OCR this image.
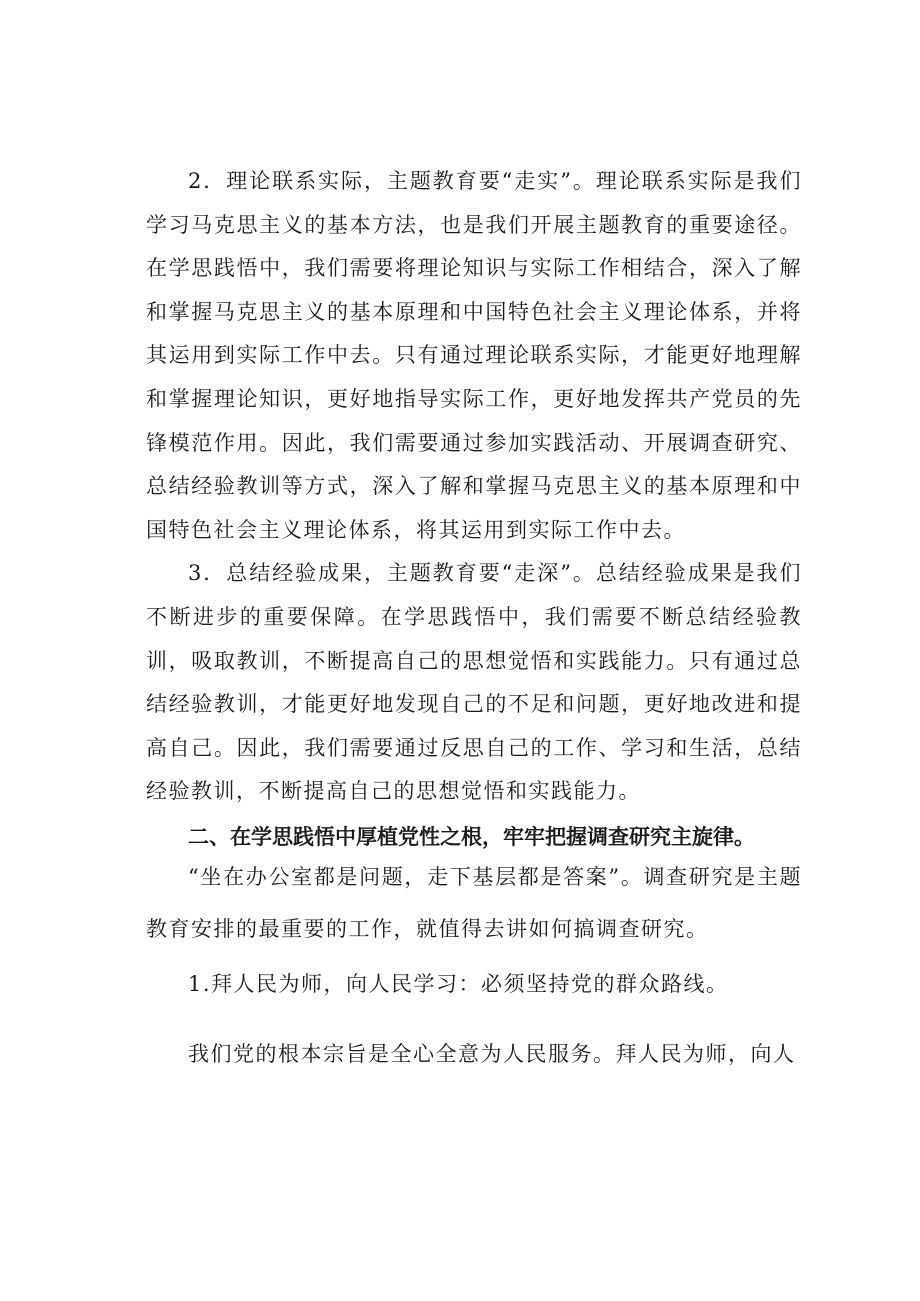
2．理论联系实际，主题教育要“走实”。理论联系实际是我们学习马克思主义的基本方法，也是我们开展主题教育的重要途径。在学思践悟中，我们需要将理论知识与实际工作相结合，深入了解和掌握马克思主义的基本原理和中国特色社会主义理论体系，并将其运用到实际工作中去。只有通过理论联系实际，才能更好地理解和掌握理论知识，更好地指导实际工作，更好地发挥共产党员的先锋模范作用。因此，我们需要通过参加实践活动、开展调查研究、总结经验教训等方式，深入了解和掌握马克思主义的基本原理和中国特色社会主义理论体系，将其运用到实际工作中去。

3．总结经验成果，主题教育要“走深”。总结经验成果是我们不断进步的重要保障。在学思践悟中，我们需要不断总结经验教训，吸取教训，不断提高自己的思想觉悟和实践能力。只有通过总结经验教训，才能更好地发现自己的不足和问题，更好地改进和提高自己。因此，我们需要通过反思自己的工作、学习和生活，总结经验教训，不断提高自己的思想觉悟和实践能力。

二、在学思践悟中厚植党性之根，牢牢把握调查研究主旋律。

“坐在办公室都是问题，走下基层都是答案”。调查研究是主题教育安排的最重要的工作，就值得去讲如何搞调查研究。

1.拜人民为师，向人民学习：必须坚持党的群众路线。

我们党的根本宗旨是全心全意为人民服务。拜人民为师，向人
